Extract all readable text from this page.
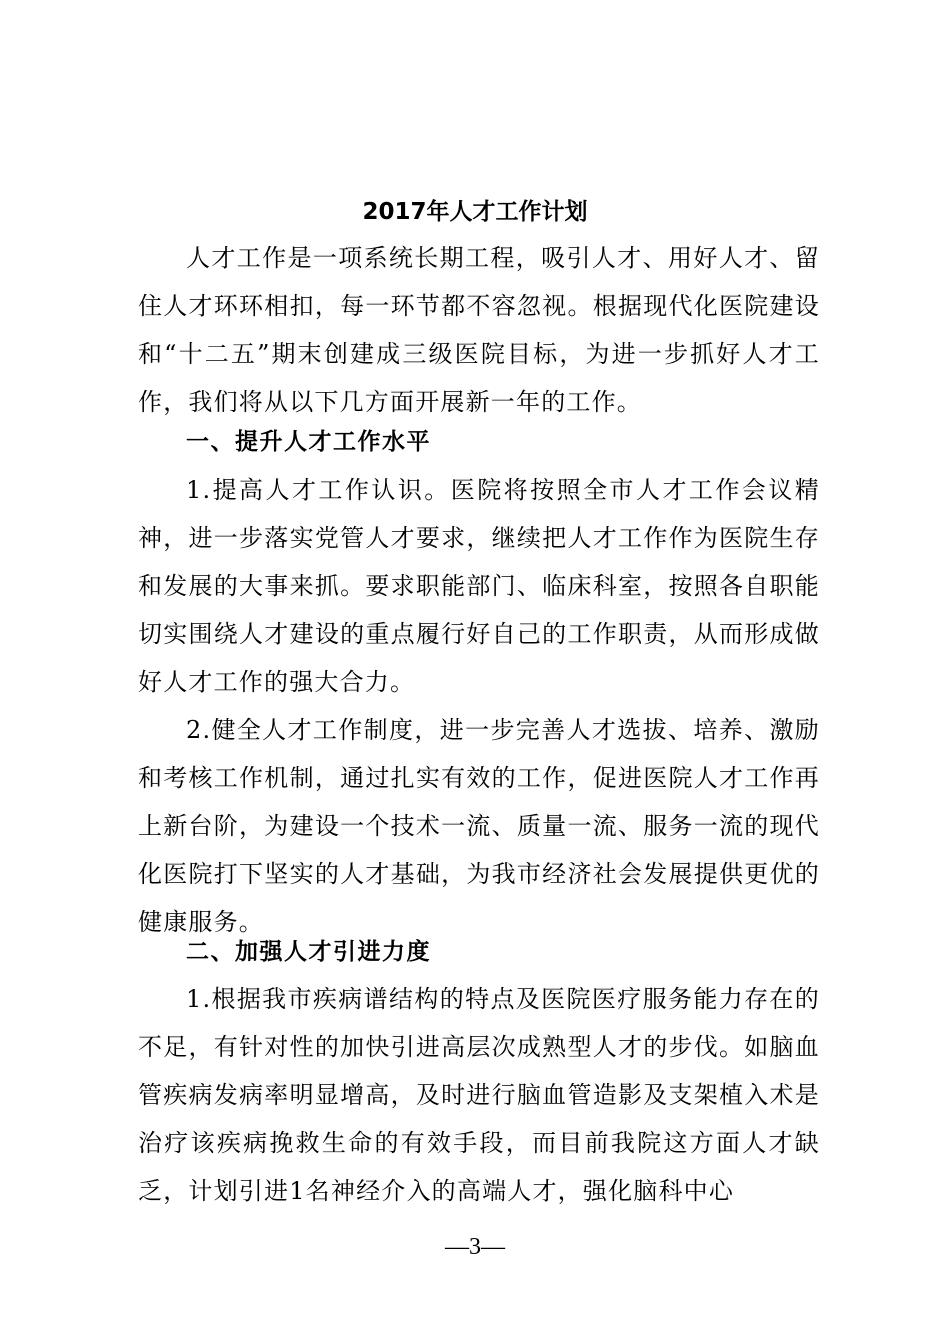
2017年人才工作计划

人才工作是一项系统长期工程，吸引人才、用好人才、留住人才环环相扣，每一环节都不容忽视。根据现代化医院建设和“十二五”期末创建成三级医院目标，为进一步抓好人才工作，我们将从以下几方面开展新一年的工作。

一、提升人才工作水平

1.提高人才工作认识。医院将按照全市人才工作会议精神，进一步落实党管人才要求，继续把人才工作作为医院生存和发展的大事来抓。要求职能部门、临床科室，按照各自职能切实围绕人才建设的重点履行好自己的工作职责，从而形成做好人才工作的强大合力。

2.健全人才工作制度，进一步完善人才选拔、培养、激励和考核工作机制，通过扎实有效的工作，促进医院人才工作再上新台阶，为建设一个技术一流、质量一流、服务一流的现代化医院打下坚实的人才基础，为我市经济社会发展提供更优的健康服务。

二、加强人才引进力度

1.根据我市疾病谱结构的特点及医院医疗服务能力存在的不足，有针对性的加快引进高层次成熟型人才的步伐。如脑血管疾病发病率明显增高，及时进行脑血管造影及支架植入术是治疗该疾病挽救生命的有效手段，而目前我院这方面人才缺乏，计划引进1名神经介入的高端人才，强化脑科中心

—3—
